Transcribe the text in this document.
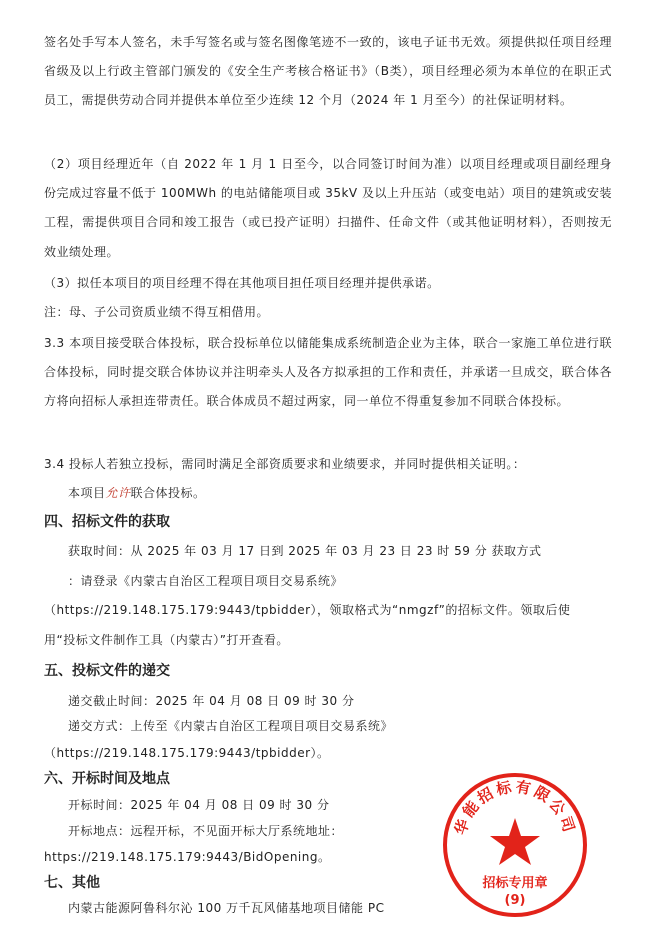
签名处手写本人签名，未手写签名或与签名图像笔迹不一致的，该电子证书无效。须提供拟任项目经理省级及以上行政主管部门颁发的《安全生产考核合格证书》（B类），项目经理必须为本单位的在职正式员工，需提供劳动合同并提供本单位至少连续 12 个月（2024 年 1 月至今）的社保证明材料。
（2）项目经理近年（自 2022 年 1 月 1 日至今，以合同签订时间为准）以项目经理或项目副经理身份完成过容量不低于 100MWh 的电站储能项目或 35kV 及以上升压站（或变电站）项目的建筑或安装工程，需提供项目合同和竣工报告（或已投产证明）扫描件、任命文件（或其他证明材料），否则按无效业绩处理。
（3）拟任本项目的项目经理不得在其他项目担任项目经理并提供承诺。
注：母、子公司资质业绩不得互相借用。
3.3 本项目接受联合体投标，联合投标单位以储能集成系统制造企业为主体，联合一家施工单位进行联合体投标，同时提交联合体协议并注明牵头人及各方拟承担的工作和责任，并承诺一旦成交，联合体各方将向招标人承担连带责任。联合体成员不超过两家，同一单位不得重复参加不同联合体投标。
3.4 投标人若独立投标，需同时满足全部资质要求和业绩要求，并同时提供相关证明。：
本项目允许联合体投标。
四、招标文件的获取
获取时间：从 2025 年 03 月 17 日到 2025 年 03 月 23 日 23 时 59 分 获取方式
：请登录《内蒙古自治区工程项目项目交易系统》
（https://219.148.175.179:9443/tpbidder），领取格式为“nmgzf”的招标文件。领取后使
用“投标文件制作工具（内蒙古）”打开查看。
五、投标文件的递交
递交截止时间：2025 年 04 月 08 日 09 时 30 分
递交方式：上传至《内蒙古自治区工程项目项目交易系统》
（https://219.148.175.179:9443/tpbidder）。
六、开标时间及地点
开标时间：2025 年 04 月 08 日 09 时 30 分
开标地点：远程开标，不见面开标大厅系统地址：
https://219.148.175.179:9443/BidOpening。
七、其他
内蒙古能源阿鲁科尔沁 100 万千瓦风储基地项目储能 PC
华能招标有限公司
招标专用章
(9)
